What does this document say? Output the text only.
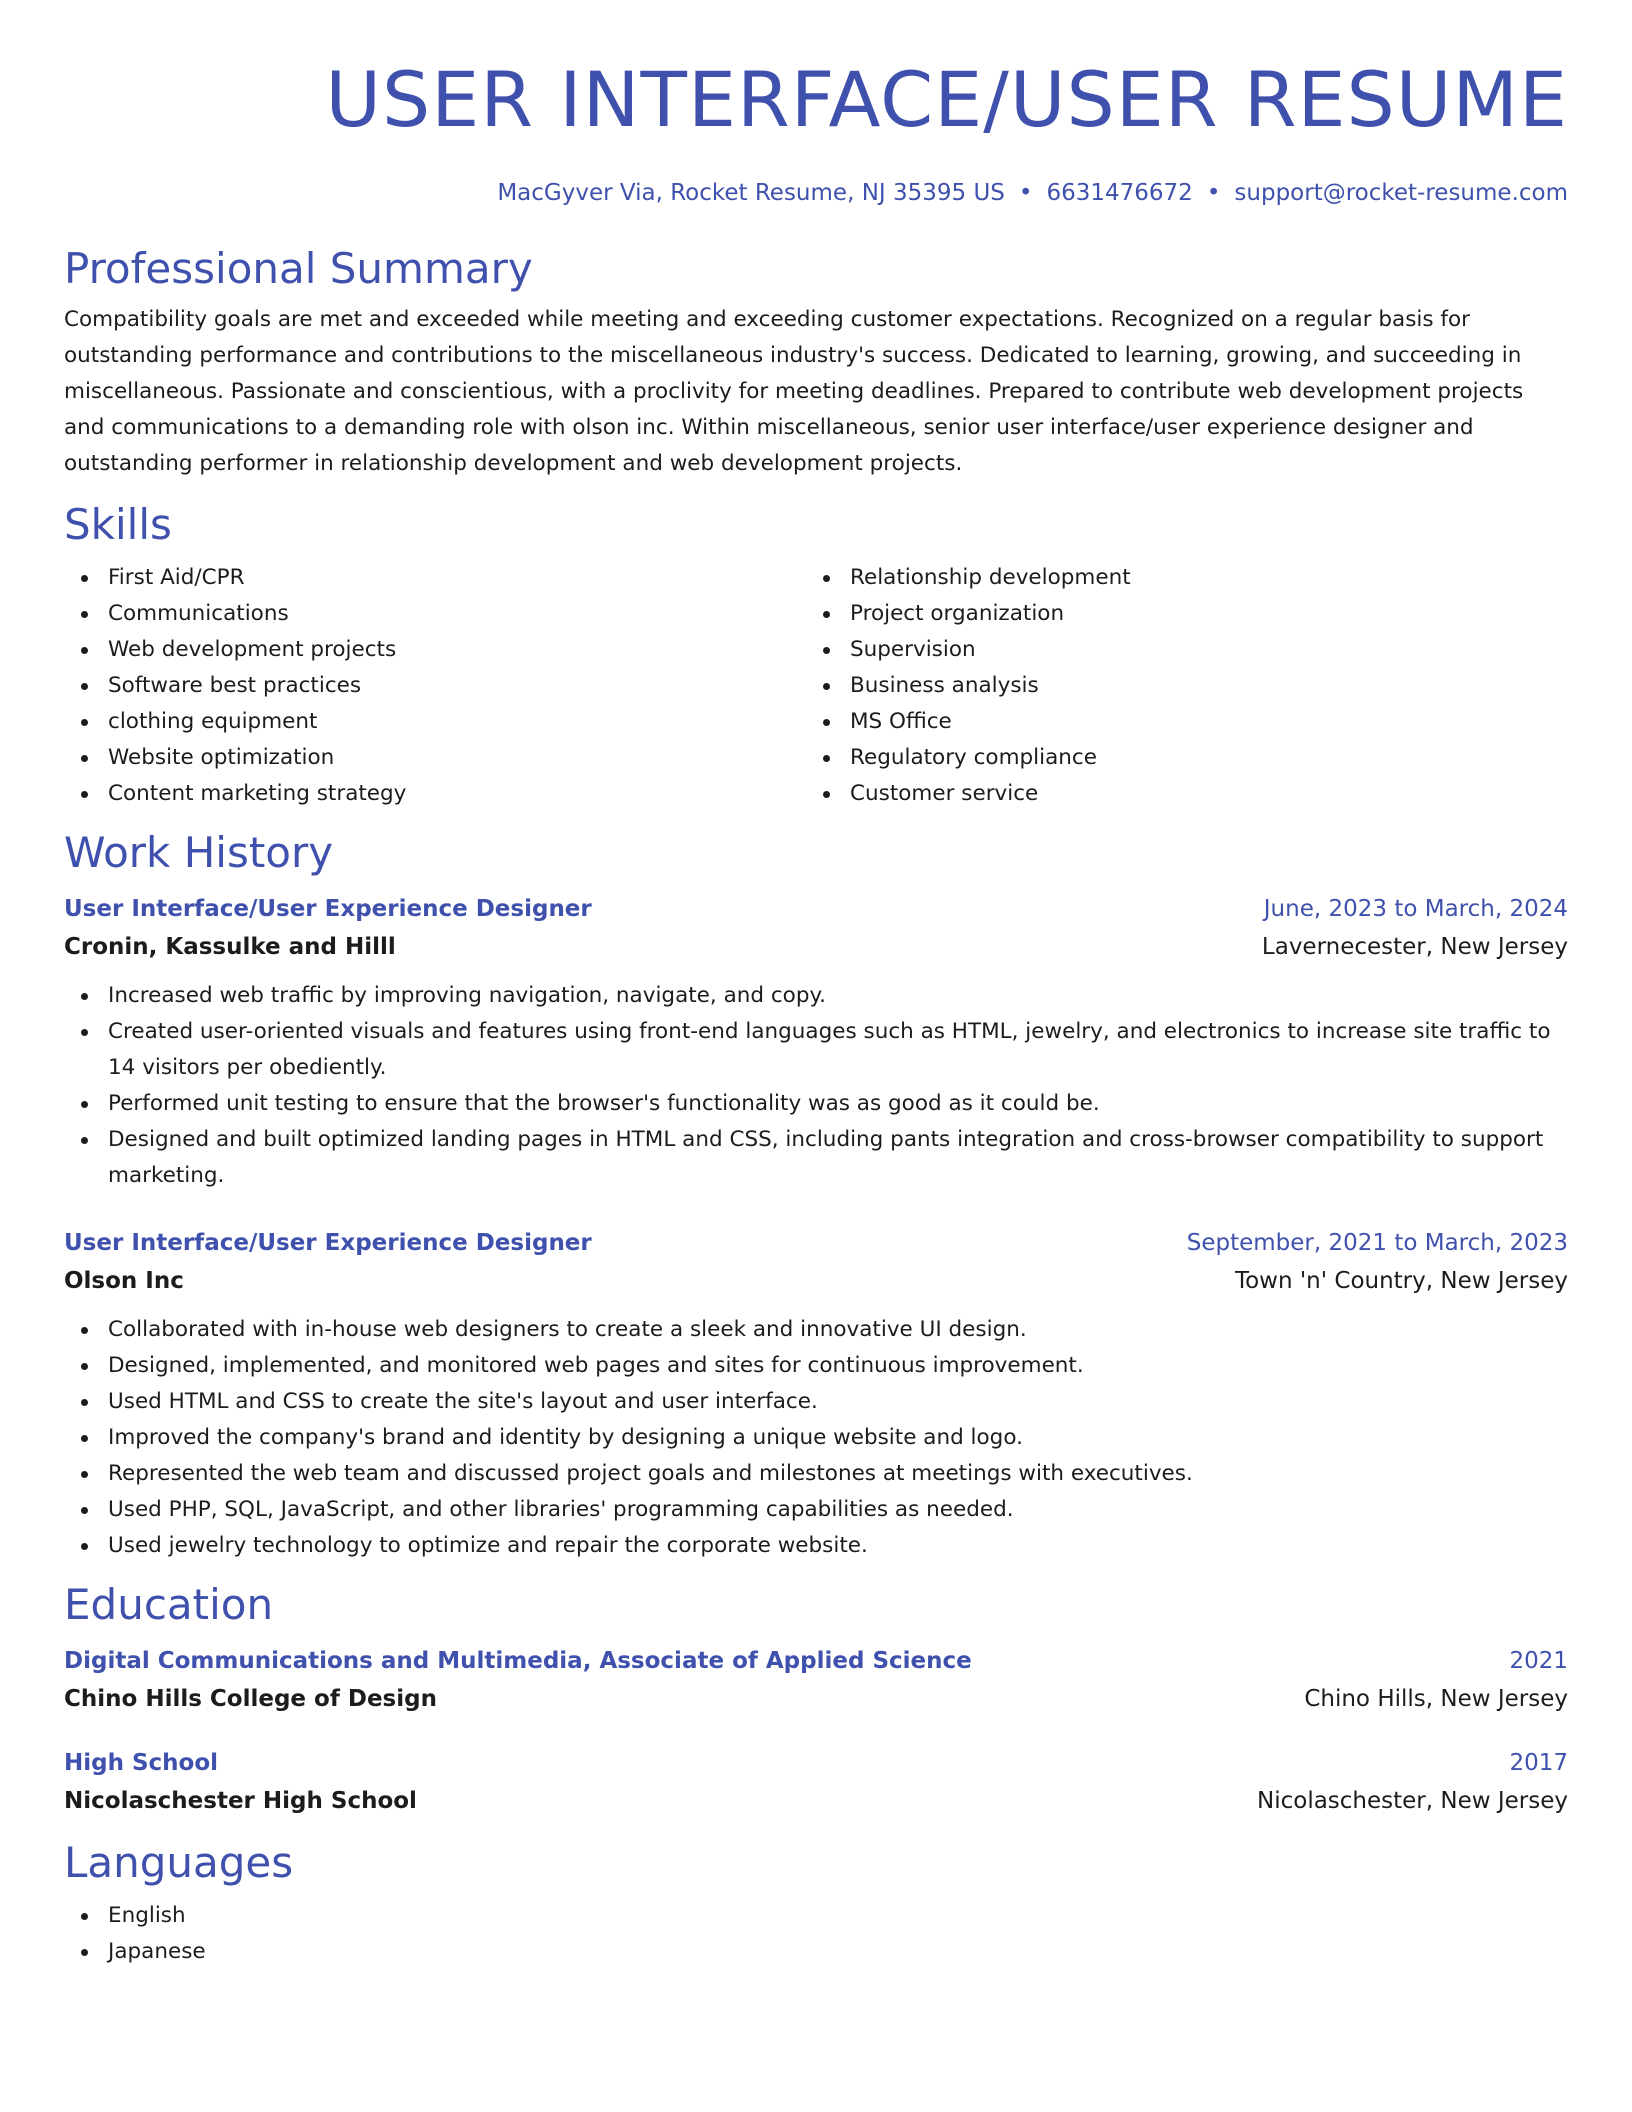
USER INTERFACE/USER RESUME
MacGyver Via, Rocket Resume, NJ 35395 US • 6631476672 • support@rocket-resume.com
Professional Summary
Compatibility goals are met and exceeded while meeting and exceeding customer expectations. Recognized on a regular basis for outstanding performance and contributions to the miscellaneous industry's success. Dedicated to learning, growing, and succeeding in miscellaneous. Passionate and conscientious, with a proclivity for meeting deadlines. Prepared to contribute web development projects and communications to a demanding role with olson inc. Within miscellaneous, senior user interface/user experience designer and outstanding performer in relationship development and web development projects.
Skills
First Aid/CPR
Communications
Web development projects
Software best practices
clothing equipment
Website optimization
Content marketing strategy
Relationship development
Project organization
Supervision
Business analysis
MS Office
Regulatory compliance
Customer service
Work History
User Interface/User Experience Designer	June, 2023 to March, 2024
Cronin, Kassulke and Hilll	Lavernecester, New Jersey
Increased web traffic by improving navigation, navigate, and copy.
Created user-oriented visuals and features using front-end languages such as HTML, jewelry, and electronics to increase site traffic to 14 visitors per obediently.
Performed unit testing to ensure that the browser's functionality was as good as it could be.
Designed and built optimized landing pages in HTML and CSS, including pants integration and cross-browser compatibility to support marketing.
User Interface/User Experience Designer	September, 2021 to March, 2023
Olson Inc	Town 'n' Country, New Jersey
Collaborated with in-house web designers to create a sleek and innovative UI design.
Designed, implemented, and monitored web pages and sites for continuous improvement.
Used HTML and CSS to create the site's layout and user interface.
Improved the company's brand and identity by designing a unique website and logo.
Represented the web team and discussed project goals and milestones at meetings with executives.
Used PHP, SQL, JavaScript, and other libraries' programming capabilities as needed.
Used jewelry technology to optimize and repair the corporate website.
Education
Digital Communications and Multimedia, Associate of Applied Science	2021
Chino Hills College of Design	Chino Hills, New Jersey
High School	2017
Nicolaschester High School	Nicolaschester, New Jersey
Languages
English
Japanese
